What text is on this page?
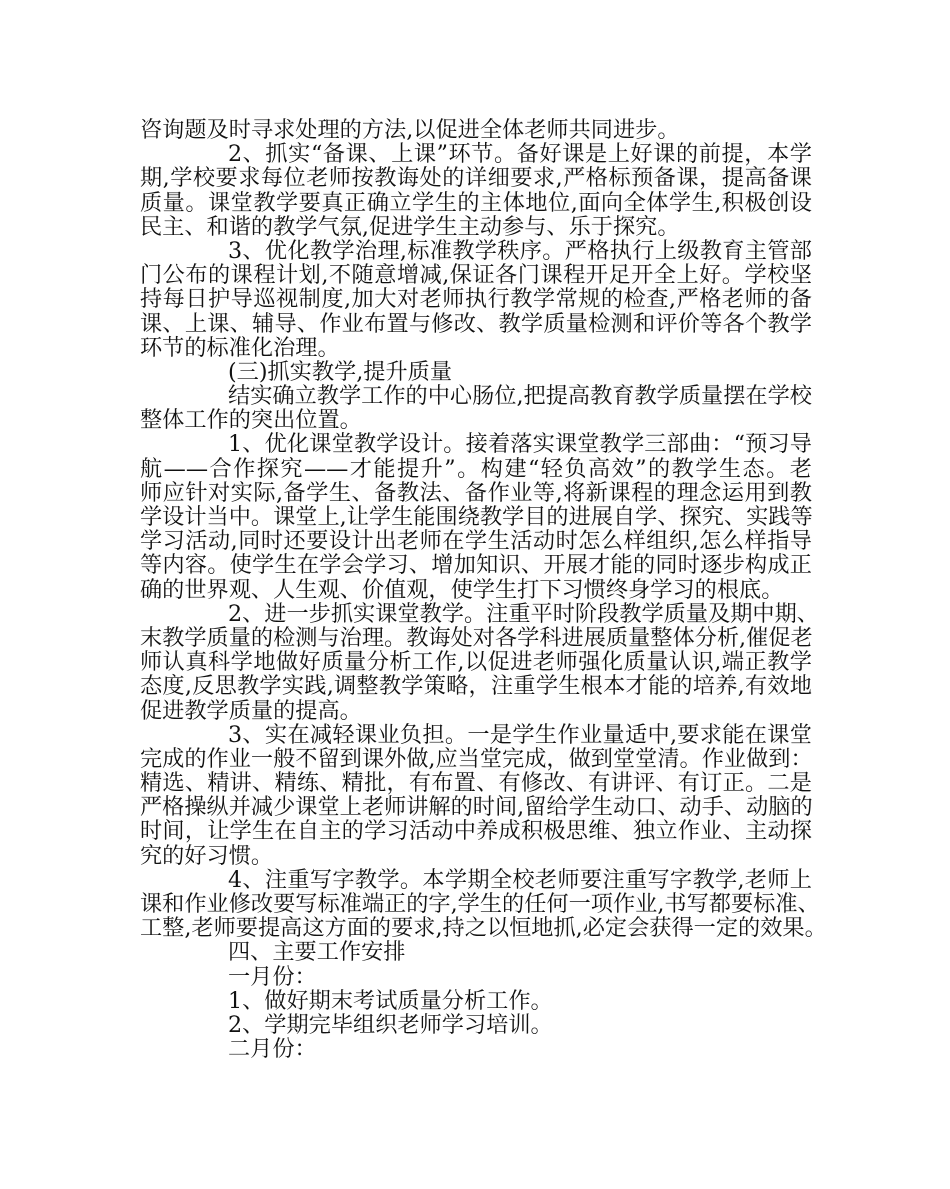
咨询题及时寻求处理的方法,以促进全体老师共同进步。
2、抓实“备课、上课”环节。备好课是上好课的前提，本学
期,学校要求每位老师按教诲处的详细要求,严格标预备课，提高备课
质量。课堂教学要真正确立学生的主体地位,面向全体学生,积极创设
民主、和谐的教学气氛,促进学生主动参与、乐于探究。
3、优化教学治理,标准教学秩序。严格执行上级教育主管部
门公布的课程计划,不随意增减,保证各门课程开足开全上好。学校坚
持每日护导巡视制度,加大对老师执行教学常规的检查,严格老师的备
课、上课、辅导、作业布置与修改、教学质量检测和评价等各个教学
环节的标准化治理。
(三)抓实教学,提升质量
结实确立教学工作的中心肠位,把提高教育教学质量摆在学校
整体工作的突出位置。
1、优化课堂教学设计。接着落实课堂教学三部曲：“预习导
航——合作探究——才能提升”。构建“轻负高效”的教学生态。老
师应针对实际,备学生、备教法、备作业等,将新课程的理念运用到教
学设计当中。课堂上,让学生能围绕教学目的进展自学、探究、实践等
学习活动,同时还要设计出老师在学生活动时怎么样组织,怎么样指导
等内容。使学生在学会学习、增加知识、开展才能的同时逐步构成正
确的世界观、人生观、价值观，使学生打下习惯终身学习的根底。
2、进一步抓实课堂教学。注重平时阶段教学质量及期中期、
末教学质量的检测与治理。教诲处对各学科进展质量整体分析,催促老
师认真科学地做好质量分析工作,以促进老师强化质量认识,端正教学
态度,反思教学实践,调整教学策略，注重学生根本才能的培养,有效地
促进教学质量的提高。
3、实在减轻课业负担。一是学生作业量适中,要求能在课堂
完成的作业一般不留到课外做,应当堂完成，做到堂堂清。作业做到：
精选、精讲、精练、精批，有布置、有修改、有讲评、有订正。二是
严格操纵并减少课堂上老师讲解的时间,留给学生动口、动手、动脑的
时间，让学生在自主的学习活动中养成积极思维、独立作业、主动探
究的好习惯。
4、注重写字教学。本学期全校老师要注重写字教学,老师上
课和作业修改要写标准端正的字,学生的任何一项作业,书写都要标准、
工整,老师要提高这方面的要求,持之以恒地抓,必定会获得一定的效果。
四、主要工作安排
一月份：
1、做好期末考试质量分析工作。
2、学期完毕组织老师学习培训。
二月份：
